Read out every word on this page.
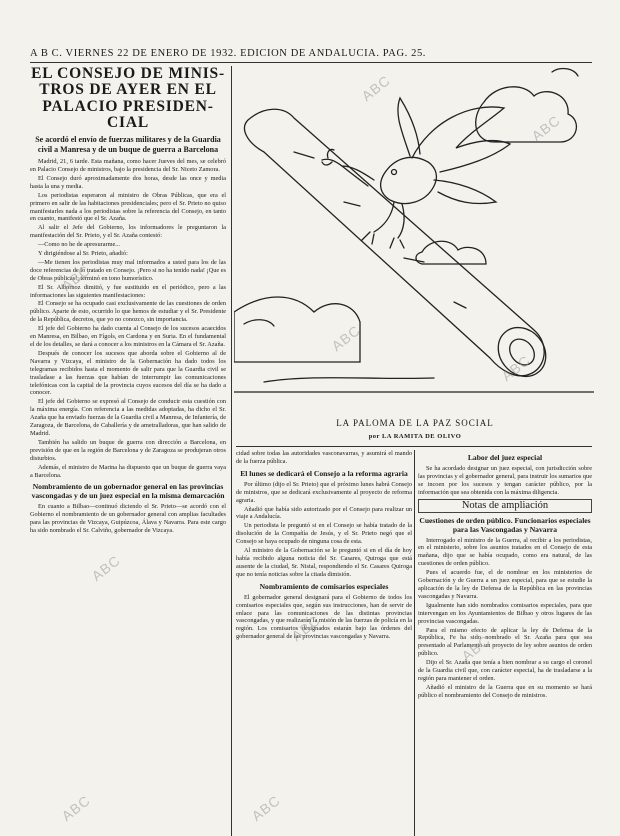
A B C. VIERNES 22 DE ENERO DE 1932. EDICION DE ANDALUCIA. PAG. 25.
EL CONSEJO DE MINIS-
TROS DE AYER EN EL
PALACIO PRESIDEN-
CIAL
Se acordó el envío de fuerzas militares y de la Guardia civil a Manresa y de un buque de guerra a Barcelona

Madrid, 21, 6 tarde. Esta mañana, como hacer Jueves del mes, se celebró en Palacio Consejo de ministros, bajo la presidencia del Sr. Niceto Zamora.

El Consejo duró aproximadamente dos horas, desde las once y media hasta la una y media.

Los periodistas esperaron al ministro de Obras Públicas, que era el primero en salir de las habitaciones presidenciales; pero el Sr. Prieto no quiso manifestarles nada a los periodistas sobre la referencia del Consejo, en tanto en cuanto, manifestó que el Sr. Azaña.

Al salir el Jefe del Gobierno, los informadores le preguntaron la manifestación del Sr. Prieto, y el Sr. Azaña contestó:

—Como no he de apresurarme...

Y dirigiéndose al Sr. Prieto, añadió:

—Me tienen los periodistas muy mal informados a usted para los de las doce referencias de lo tratado en Consejo. ¡Pero si no ha tenido nada! ¡Que es de Obras públicas!, terminó en tono humorístico.

El Sr. Albornoz dimitió, y fue sustituido en el periódico, pero a las informaciones las siguientes manifestaciones:

El Consejo se ha ocupado casi exclusivamente de las cuestiones de orden público. Aparte de esto, ocurrido lo que hemos de estudiar y el Sr. Presidente de la República, decretos, que yo no conozco, sin importancia.

El jefe del Gobierno ha dado cuenta al Consejo de los sucesos acaecidos en Manresa, en Bilbao, en Fígols, en Cardona y en Suria. En el fundamental el de los detalles, se dará a conocer a los ministros en la Cámara el Sr. Azaña.

Después de conocer los sucesos que aborda sobre el Gobierno al de Navarra y Vizcaya, el ministro de la Gobernación ha dado todos los telegramas recibidos hasta el momento de salir para que la Guardia civil se trasladase a las fuerzas que habían de interrumpir las comunicaciones telefónicas con la capital de la provincia cuyos sucesos del día se ha dado a conocer.

El jefe del Gobierno se expresó al Consejo de conducir esta cuestión con la máxima energía. Con referencia a las medidas adoptadas, ha dicho el Sr. Azaña que ha enviado fuerzas de la Guardia civil a Manresa, de Infantería, de Zaragoza, de Barcelona, de Caballería y de ametralladoras, que han salido de Madrid.

También ha salido un buque de guerra con dirección a Barcelona, en previsión de que en la región de Barcelona y de Zaragoza se produjeran otros disturbios.

Además, el ministro de Marina ha dispuesto que un buque de guerra vaya a Barcelona.

Nombramiento de un gobernador general en las provincias vascongadas y de un juez especial en la misma demarcación

En cuanto a Bilbao—continuó diciendo el Sr. Prieto—se acordó con el Gobierno el nombramiento de un gobernador general con amplias facultades para las provincias de Vizcaya, Guipúzcoa, Álava y Navarra. Para este cargo ha sido nombrado el Sr. Calviño, gobernador de Vizcaya.

LA PALOMA DE LA PAZ SOCIAL
por LA RAMITA DE OLIVO

cidad sobre todas las autoridades vasconavarras, y asumirá el mando de la fuerza pública.

El lunes se dedicará el Consejo a la reforma agraria

Por último (dijo el Sr. Prieto) que el próximo lunes habrá Consejo de ministros, que se dedicará exclusivamente al proyecto de reforma agraria.

Añadió que había sido autorizado por el Consejo para realizar un viaje a Andalucía.

Un periodista le preguntó si en el Consejo se había tratado de la disolución de la Compañía de Jesús, y el Sr. Prieto negó que el Consejo se haya ocupado de ninguna cosa de esta.

Al ministro de la Gobernación se le preguntó si en el día de hoy había recibido alguna noticia del Sr. Casares, Quiroga que está ausente de la ciudad, Sr. Nistal, respondiendo el Sr. Casares Quiroga que no tenía noticias sobre la citada dimisión.

Nombramiento de comisarios especiales

El gobernador general designará para el Gobierno de todos los comisarios especiales que, según sus instrucciones, han de servir de enlace para las comunicaciones de las distintas provincias vascongadas, y que realizarán la misión de las fuerzas de policía en la región. Los comisarios designados estarán bajo las órdenes del gobernador general de las provincias vascongadas y Navarra.

Labor del juez especial

Se ha acordado designar un juez especial, con jurisdicción sobre las provincias y el gobernador general, para instruir los sumarios que se incoen por los sucesos y tengan carácter público, por la información que sea obtenida con la máxima diligencia.

Notas de ampliación
Cuestiones de orden público. Funcionarios especiales para las Vascongadas y Navarra

Interrogado el ministro de la Guerra, al recibir a los periodistas, en el ministerio, sobre los asuntos tratados en el Consejo de esta mañana, dijo que se había ocupado, como era natural, de las cuestiones de orden público.

Pues el acuerdo fue, el de nombrar en los ministerios de Gobernación y de Guerra a un juez especial, para que se estudie la aplicación de la ley de Defensa de la República en las provincias vascongadas y Navarra.

Igualmente han sido nombrados comisarios especiales, para que intervengan en los Ayuntamientos de Bilbao y otros lugares de las provincias vascongadas.

Para el mismo efecto de aplicar la ley de Defensa de la República, Fe ha sido nombrado el Sr. Azaña para que sea presentado al Parlamento un proyecto de ley sobre asuntos de orden público.

Dijo el Sr. Azaña que tenía a bien nombrar a su cargo el coronel de la Guardia civil que, con carácter especial, ha de trasladarse a la región para mantener el orden.

Añadió el ministro de la Guerra que en su momento se hará público el nombramiento del Consejo de ministros.

ABC
ABC
ABC
ABC
ABC
ABC
ABC
ABC
ABC	ABC
